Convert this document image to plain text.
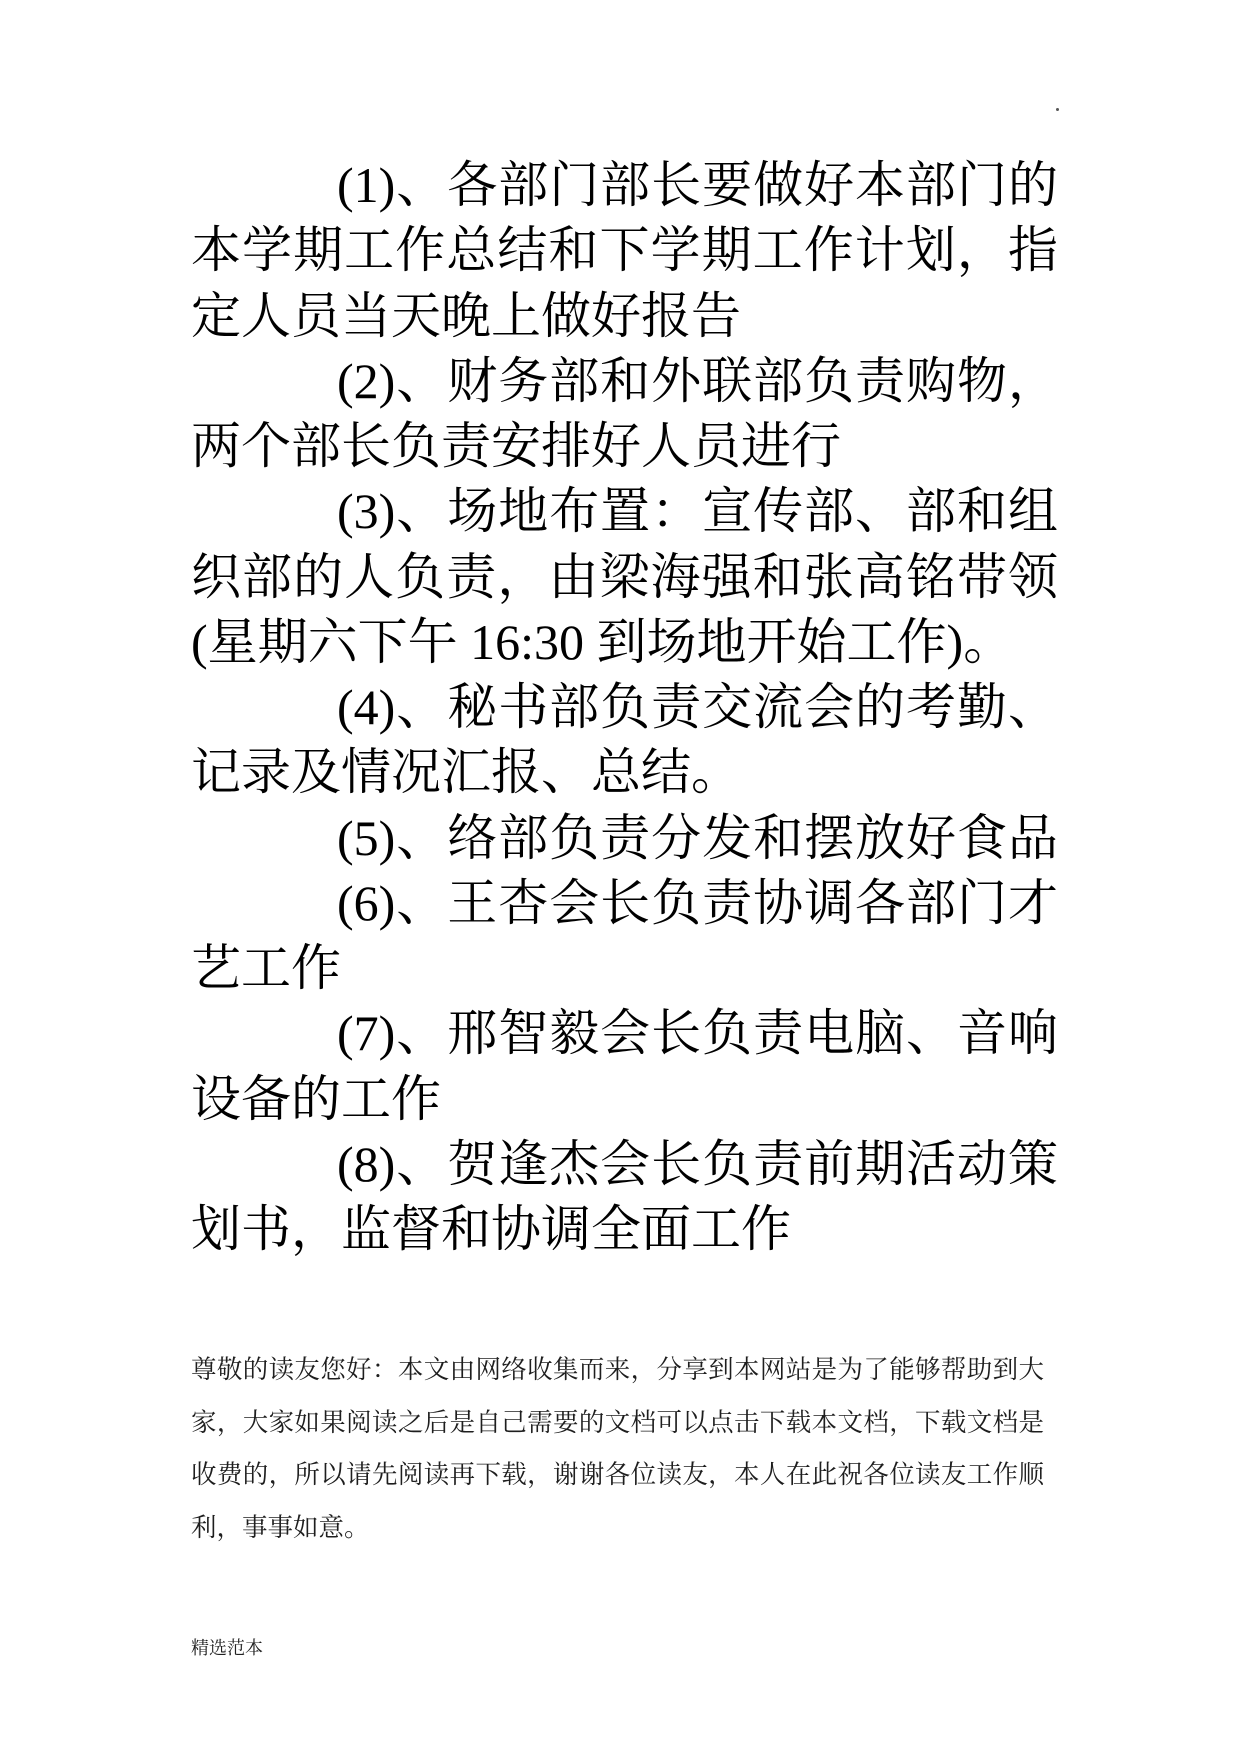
(1)、各部门部长要做好本部门的
本学期工作总结和下学期工作计划，指
定人员当天晚上做好报告
(2)、财务部和外联部负责购物，
两个部长负责安排好人员进行
(3)、场地布置：宣传部、部和组
织部的人负责，由梁海强和张高铭带领
(星期六下午 16:30 到场地开始工作)。
(4)、秘书部负责交流会的考勤、
记录及情况汇报、总结。
(5)、络部负责分发和摆放好食品
(6)、王杏会长负责协调各部门才
艺工作
(7)、邢智毅会长负责电脑、音响
设备的工作
(8)、贺逢杰会长负责前期活动策
划书，监督和协调全面工作
尊敬的读友您好：本文由网络收集而来，分享到本网站是为了能够帮助到大
家，大家如果阅读之后是自己需要的文档可以点击下载本文档，下载文档是
收费的，所以请先阅读再下载，谢谢各位读友，本人在此祝各位读友工作顺
利，事事如意。
精选范本
